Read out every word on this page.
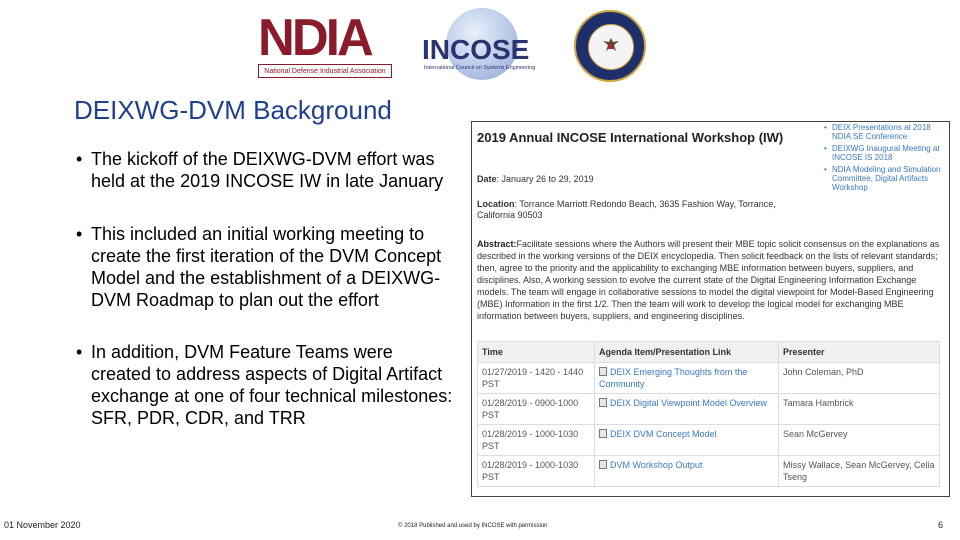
NDIA
National Defense Industrial Association
INCOSE
International Council on Systems Engineering
DEIXWG-DVM Background
• The kickoff of the DEIXWG-DVM effort was held at the 2019 INCOSE IW in late January
• This included an initial working meeting to create the first iteration of the DVM Concept Model and the establishment of a DEIXWG-DVM Roadmap to plan out the effort
• In addition, DVM Feature Teams were created to address aspects of Digital Artifact exchange at one of four technical milestones: SFR, PDR, CDR, and TRR
2019 Annual INCOSE International Workshop (IW)
Date: January 26 to 29, 2019
Location: Torrance Marriott Redondo Beach, 3635 Fashion Way, Torrance, California 90503
• DEIX Presentations at 2018 NDIA SE Conference
• DEIXWG Inaugural Meeting at INCOSE IS 2018
• NDIA Modeling and Simulation Committee, Digital Artifacts Workshop
Abstract:Facilitate sessions where the Authors will present their MBE topic solicit consensus on the explanations as described in the working versions of the DEIX encyclopedia. Then solicit feedback on the lists of relevant standards; then, agree to the priority and the applicability to exchanging MBE information between buyers, suppliers, and disciplines. Also, A working session to evolve the current state of the Digital Engineering Information Exchange models. The team will engage in collaborative sessions to model the digital viewpoint for Model-Based Engineering (MBE) Information in the first 1/2. Then the team will work to develop the logical model for exchanging MBE information between buyers, suppliers, and engineering disciplines.
Time	Agenda Item/Presentation Link	Presenter
01/27/2019 - 1420 - 1440 PST	DEIX Emerging Thoughts from the Community	John Coleman, PhD
01/28/2019 - 0900-1000 PST	DEIX Digital Viewpoint Model Overview	Tamara Hambrick
01/28/2019 - 1000-1030 PST	DEIX DVM Concept Model	Sean McGervey
01/28/2019 - 1000-1030 PST	DVM Workshop Output	Missy Wallace, Sean McGervey, Celia Tseng
01 November 2020	© 2018 Published and used by INCOSE with permission	6
